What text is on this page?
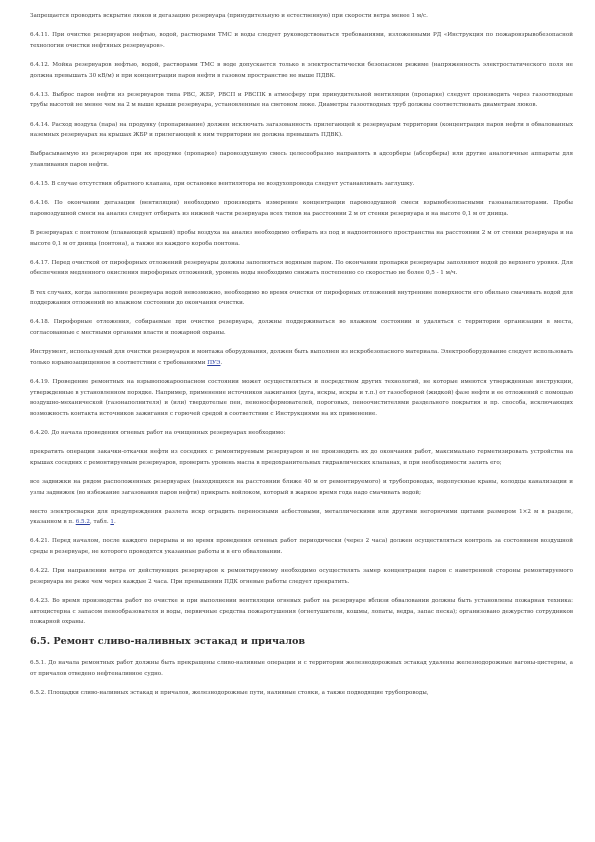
Запрещается проводить вскрытие люков и дегазацию резервуара (принудительную и естественную) при скорости ветра менее 1 м/с.

6.4.11. При очистке резервуаров нефтью, водой, растворами ТМС и воды следует руководствоваться требованиями, изложенными РД «Инструкция по пожаровзрывобезопасной технологии очистки нефтяных резервуаров».

6.4.12. Мойка резервуаров нефтью, водой, растворами ТМС в воде допускается только в электростатически безопасном режиме (напряженность электростатического поля не должна превышать 30 кВ/м) и при концентрации паров нефти в газовом пространстве не выше ПДВК.

6.4.13. Выброс паров нефти из резервуаров типа РВС, ЖБР, РВСП и РВСПК в атмосферу при принудительной вентиляции (пропарке) следует производить через газоотводные трубы высотой не менее чем на 2 м выше крыши резервуара, установленные на световом люке. Диаметры газоотводных труб должны соответствовать диаметрам люков.

6.4.14. Расход воздуха (пара) на продувку (пропаривание) должен исключать загазованность прилегающей к резервуарам территории (концентрация паров нефти в обвалованных наземных резервуарах на крышах ЖБР и прилегающей к ним территории не должна превышать ПДВК).

Выбрасываемую из резервуаров при их продувке (пропарке) паровоздушную смесь целесообразно направлять в адсорберы (абсорберы) или другие аналогичные аппараты для улавливания паров нефти.

6.4.15. В случае отсутствия обратного клапана, при остановке вентилятора не воздухопровода следует устанавливать заглушку.

6.4.16. По окончании дегазации (вентиляции) необходимо производить измерение концентрации паровоздушной смеси взрывобезопасными газоанализаторами. Пробы паровоздушной смеси на анализ следует отбирать из нижней части резервуара всех типов на расстоянии 2 м от стенки резервуара и на высоте 0,1 м от днища.

В резервуарах с понтоном (плавающей крышей) пробы воздуха на анализ необходимо отбирать из под и надпонтонного пространства на расстоянии 2 м от стенки резервуара и на высоте 0,1 м от днища (понтона), а также из каждого короба понтона.

6.4.17. Перед очисткой от пирофорных отложений резервуары должны заполняться водяным паром. По окончании пропарки резервуары заполняют водой до верхнего уровня. Для обеспечения медленного окисления пирофорных отложений, уровень воды необходимо снижать постепенно со скоростью не более 0,5 - 1 м/ч.

В тех случаях, когда заполнение резервуара водой невозможно, необходимо во время очистки от пирофорных отложений внутренние поверхности его обильно смачивать водой для поддержания отложений во влажном состоянии до окончания очистки.

6.4.18. Пирофорные отложения, собираемые при очистке резервуара, должны поддерживаться во влажном состоянии и удаляться с территории организации в места, согласованные с местными органами власти и пожарной охраны.

Инструмент, используемый для очистки резервуаров и монтажа оборудования, должен быть выполнен из искробезопасного материала. Электрооборудование следует использовать только взрывозащищенное в соответствии с требованиями ПУЭ.

6.4.19. Проведение ремонтных на взрывопожароопасном состоянии может осуществляться и посредством других технологий, не которые имеются утвержденные инструкции, утвержденные в установленном порядке. Например, применение источников зажигания (дуга, искры, искры и т.п.) от газосборной (жидкой) фазе нефти и ее отложений с помощью воздушно-механической (газонаполнителя) и (или) твердотелые пен, пеноносформователей, пороговых, пеноочистителями раздельного покрытия и пр. способа, исключающих возможность контакта источников зажигания с горючей средой в соответствии с Инструкциями на их применение.

6.4.20. До начала проведения огневых работ на очищенных резервуарах необходимо:

прекратить операции закачки-откачки нефти из соседних с ремонтируемым резервуаров и не производить их до окончания работ, максимально герметизировать устройства на крышах соседних с ремонтируемым резервуаров, проверить уровень масла в предохранительных гидравлических клапанах, и при необходимости залить его;

все задвижки на рядом расположенных резервуарах (находящихся на расстоянии ближе 40 м от ремонтируемого) и трубопроводах, водопускные краны, колодцы канализации и узлы задвижек (во избежание загазования паров нефти) прикрыть войлоком, который в жаркое время года надо смачивать водой;

место электросварки для предупреждения разлета искр оградить переносными асбестовыми, металлическими или другими негорючими щитами размером 1×2 м в разделе, указанном в п. 6.5.2, табл. 1.

6.4.21. Перед началом, после каждого перерыва и во время проведения огневых работ периодически (через 2 часа) должен осуществляться контроль за состоянием воздушной среды в резервуаре, не которого проводятся указанные работы и в его обваловании.

6.4.22. При направлении ветра от действующих резервуаров к ремонтируемому необходимо осуществлять замер концентрации паров с наветренной стороны ремонтируемого резервуара не реже чем через каждые 2 часа. При превышении ПДК огневые работы следует прекратить.

6.4.23. Во время производства работ по очистке и при выполнении вентиляции огневых работ на резервуаре вблизи обваловании должны быть установлены пожарная техника: автоцистерна с запасом пенообразователя и воды, первичные средства пожаротушения (огнетушители, кошмы, лопаты, ведра, запас песка); организовано дежурство сотрудников пожарной охраны.

6.5. Ремонт сливо-наливных эстакад и причалов

6.5.1. До начала ремонтных работ должны быть прекращены сливо-наливные операции и с территории железнодорожных эстакад удалены железнодорожные вагоны-цистерны, а от причалов отведено нефтеналивное судно.

6.5.2. Площадки сливо-наливных эстакад и причалов, железнодорожные пути, наливные стояки, а также подводящие трубопроводы,
